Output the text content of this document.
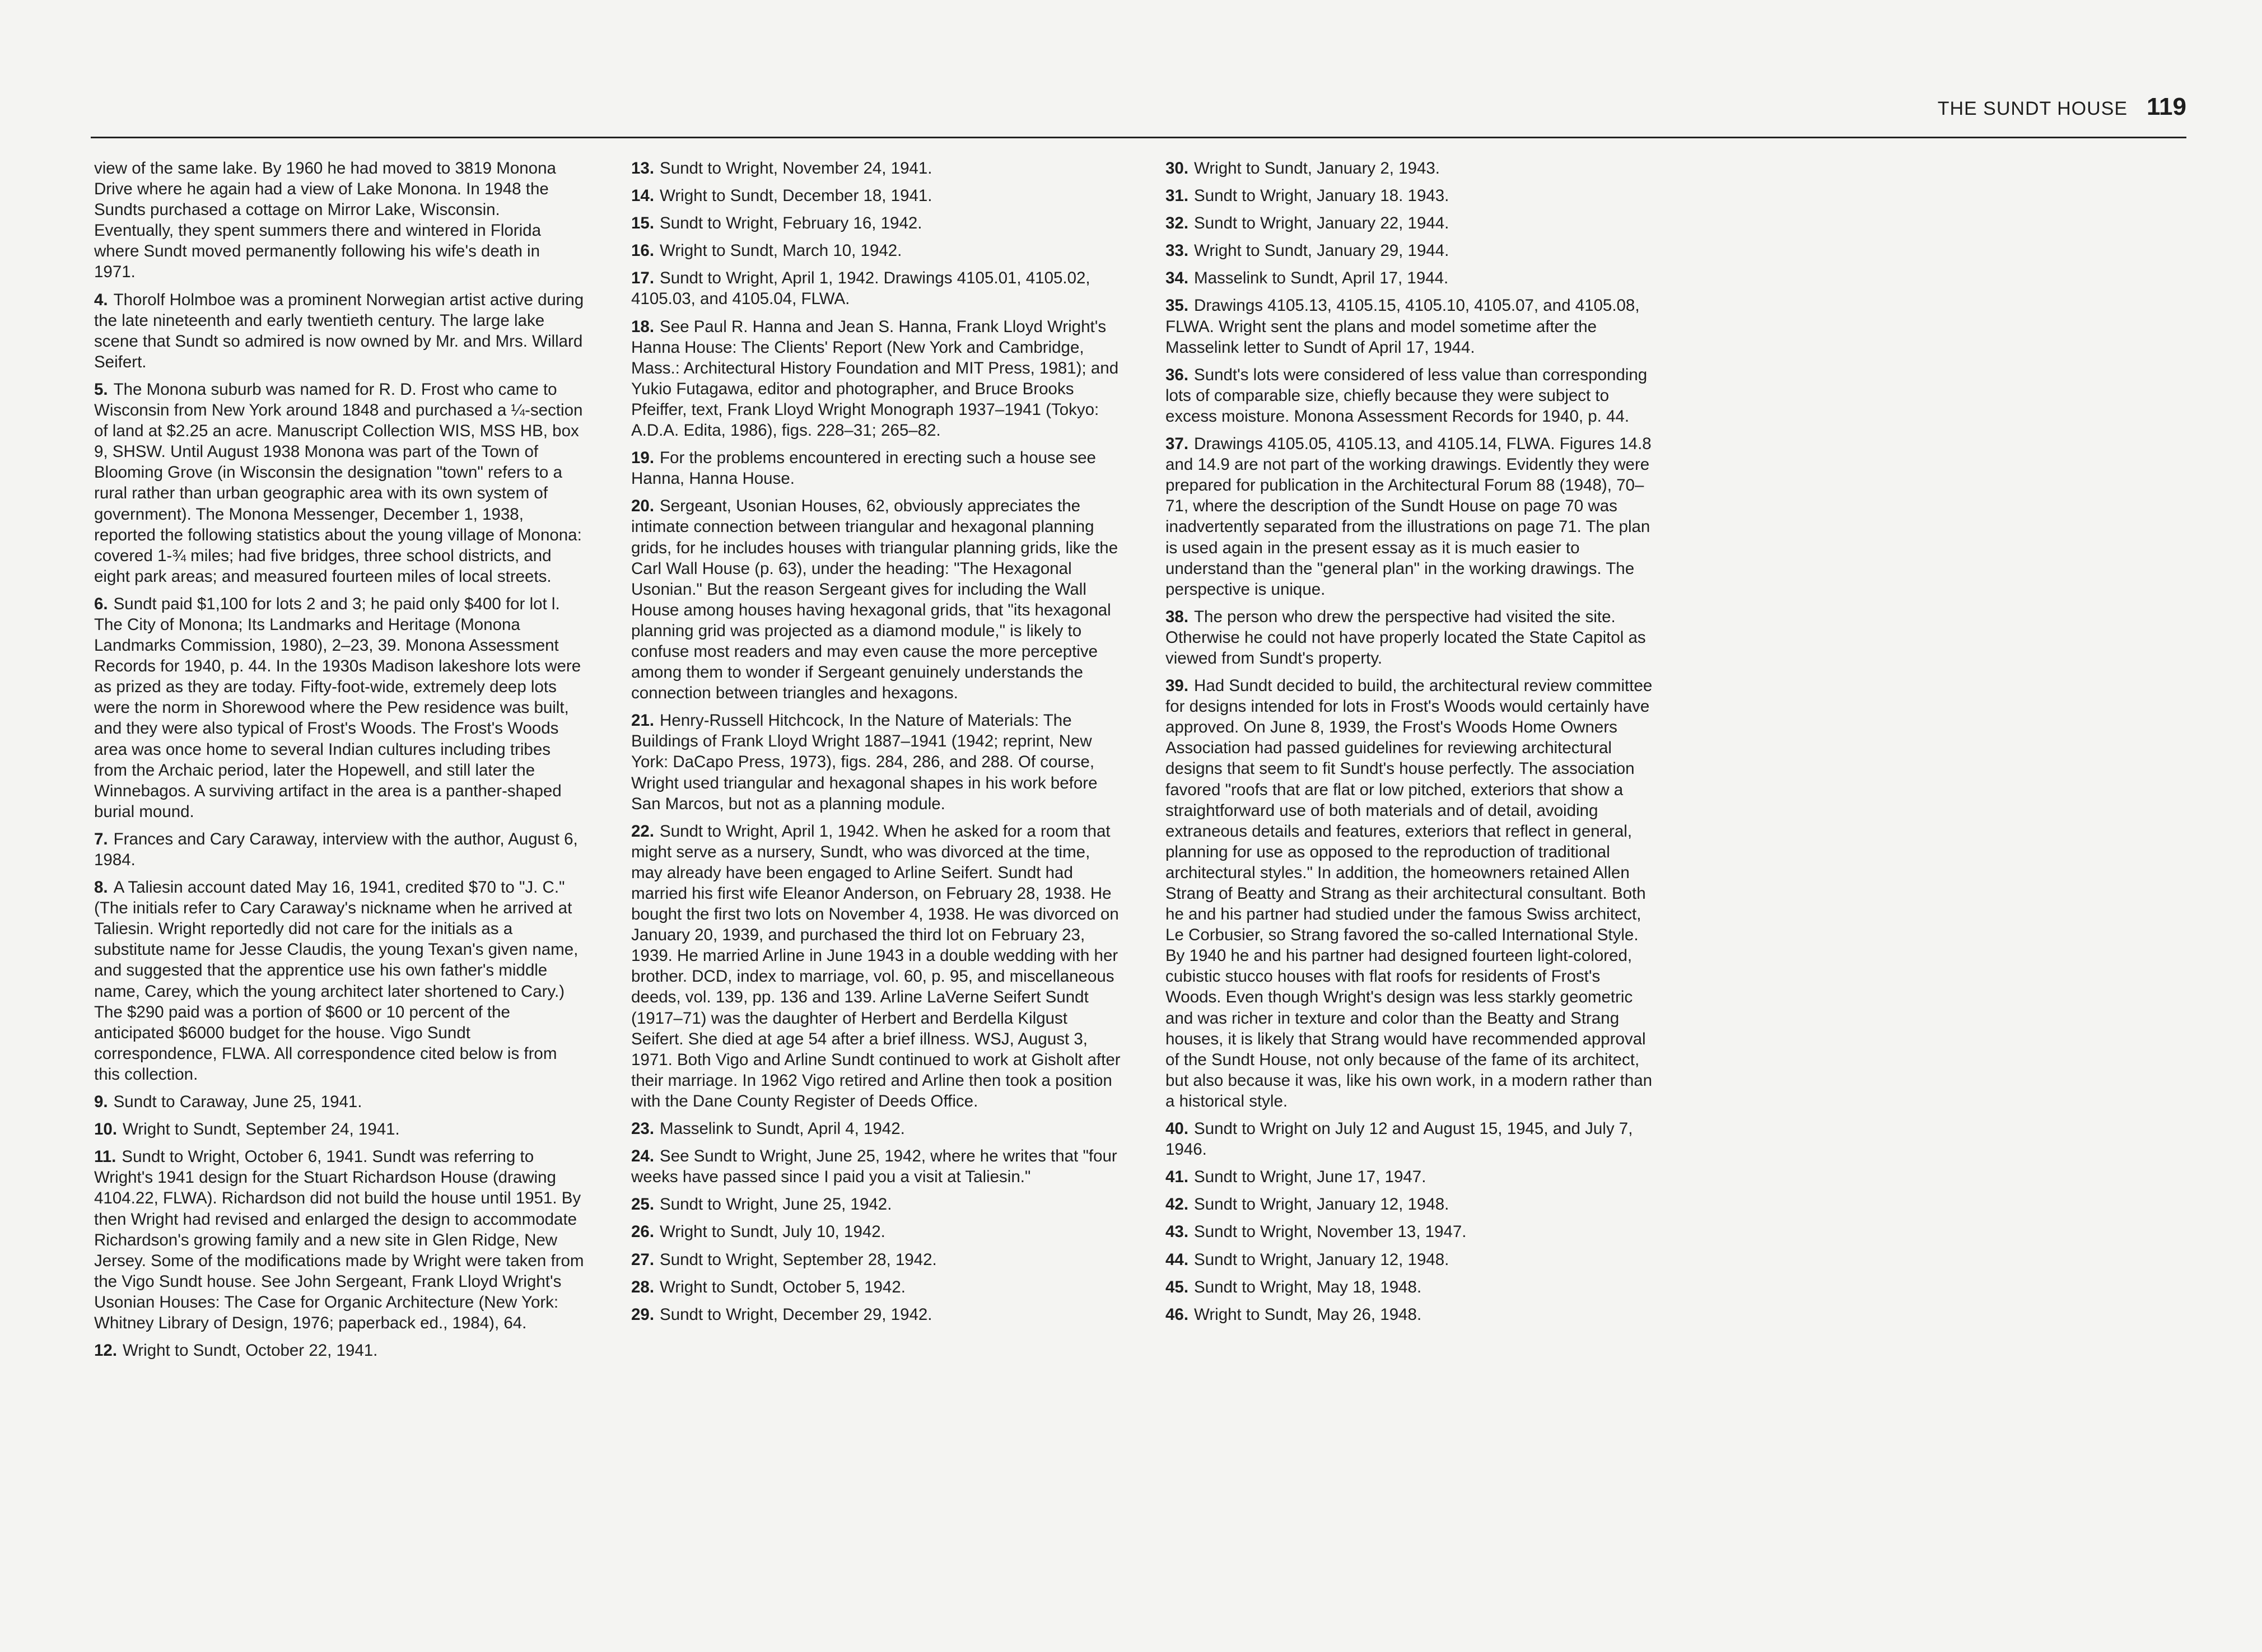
THE SUNDT HOUSE 119

view of the same lake. By 1960 he had moved to 3819 Monona Drive where he again had a view of Lake Monona. In 1948 the Sundts purchased a cottage on Mirror Lake, Wisconsin. Eventually, they spent summers there and wintered in Florida where Sundt moved permanently following his wife's death in 1971.

4. Thorolf Holmboe was a prominent Norwegian artist active during the late nineteenth and early twentieth century. The large lake scene that Sundt so admired is now owned by Mr. and Mrs. Willard Seifert.

5. The Monona suburb was named for R. D. Frost who came to Wisconsin from New York around 1848 and purchased a ¼-section of land at $2.25 an acre. Manuscript Collection WIS, MSS HB, box 9, SHSW. Until August 1938 Monona was part of the Town of Blooming Grove (in Wisconsin the designation "town" refers to a rural rather than urban geographic area with its own system of government). The Monona Messenger, December 1, 1938, reported the following statistics about the young village of Monona: covered 1-¾ miles; had five bridges, three school districts, and eight park areas; and measured fourteen miles of local streets.

6. Sundt paid $1,100 for lots 2 and 3; he paid only $400 for lot l. The City of Monona; Its Landmarks and Heritage (Monona Landmarks Commission, 1980), 2–23, 39. Monona Assessment Records for 1940, p. 44. In the 1930s Madison lakeshore lots were as prized as they are today. Fifty-foot-wide, extremely deep lots were the norm in Shorewood where the Pew residence was built, and they were also typical of Frost's Woods. The Frost's Woods area was once home to several Indian cultures including tribes from the Archaic period, later the Hopewell, and still later the Winnebagos. A surviving artifact in the area is a panther-shaped burial mound.

7. Frances and Cary Caraway, interview with the author, August 6, 1984.

8. A Taliesin account dated May 16, 1941, credited $70 to "J. C." (The initials refer to Cary Caraway's nickname when he arrived at Taliesin. Wright reportedly did not care for the initials as a substitute name for Jesse Claudis, the young Texan's given name, and suggested that the apprentice use his own father's middle name, Carey, which the young architect later shortened to Cary.) The $290 paid was a portion of $600 or 10 percent of the anticipated $6000 budget for the house. Vigo Sundt correspondence, FLWA. All correspondence cited below is from this collection.

9. Sundt to Caraway, June 25, 1941.

10. Wright to Sundt, September 24, 1941.

11. Sundt to Wright, October 6, 1941. Sundt was referring to Wright's 1941 design for the Stuart Richardson House (drawing 4104.22, FLWA). Richardson did not build the house until 1951. By then Wright had revised and enlarged the design to accommodate Richardson's growing family and a new site in Glen Ridge, New Jersey. Some of the modifications made by Wright were taken from the Vigo Sundt house. See John Sergeant, Frank Lloyd Wright's Usonian Houses: The Case for Organic Architecture (New York: Whitney Library of Design, 1976; paperback ed., 1984), 64.

12. Wright to Sundt, October 22, 1941.

13. Sundt to Wright, November 24, 1941.

14. Wright to Sundt, December 18, 1941.

15. Sundt to Wright, February 16, 1942.

16. Wright to Sundt, March 10, 1942.

17. Sundt to Wright, April 1, 1942. Drawings 4105.01, 4105.02, 4105.03, and 4105.04, FLWA.

18. See Paul R. Hanna and Jean S. Hanna, Frank Lloyd Wright's Hanna House: The Clients' Report (New York and Cambridge, Mass.: Architectural History Foundation and MIT Press, 1981); and Yukio Futagawa, editor and photographer, and Bruce Brooks Pfeiffer, text, Frank Lloyd Wright Monograph 1937–1941 (Tokyo: A.D.A. Edita, 1986), figs. 228–31; 265–82.

19. For the problems encountered in erecting such a house see Hanna, Hanna House.

20. Sergeant, Usonian Houses, 62, obviously appreciates the intimate connection between triangular and hexagonal planning grids, for he includes houses with triangular planning grids, like the Carl Wall House (p. 63), under the heading: "The Hexagonal Usonian." But the reason Sergeant gives for including the Wall House among houses having hexagonal grids, that "its hexagonal planning grid was projected as a diamond module," is likely to confuse most readers and may even cause the more perceptive among them to wonder if Sergeant genuinely understands the connection between triangles and hexagons.

21. Henry-Russell Hitchcock, In the Nature of Materials: The Buildings of Frank Lloyd Wright 1887–1941 (1942; reprint, New York: DaCapo Press, 1973), figs. 284, 286, and 288. Of course, Wright used triangular and hexagonal shapes in his work before San Marcos, but not as a planning module.

22. Sundt to Wright, April 1, 1942. When he asked for a room that might serve as a nursery, Sundt, who was divorced at the time, may already have been engaged to Arline Seifert. Sundt had married his first wife Eleanor Anderson, on February 28, 1938. He bought the first two lots on November 4, 1938. He was divorced on January 20, 1939, and purchased the third lot on February 23, 1939. He married Arline in June 1943 in a double wedding with her brother. DCD, index to marriage, vol. 60, p. 95, and miscellaneous deeds, vol. 139, pp. 136 and 139. Arline LaVerne Seifert Sundt (1917–71) was the daughter of Herbert and Berdella Kilgust Seifert. She died at age 54 after a brief illness. WSJ, August 3, 1971. Both Vigo and Arline Sundt continued to work at Gisholt after their marriage. In 1962 Vigo retired and Arline then took a position with the Dane County Register of Deeds Office.

23. Masselink to Sundt, April 4, 1942.

24. See Sundt to Wright, June 25, 1942, where he writes that "four weeks have passed since I paid you a visit at Taliesin."

25. Sundt to Wright, June 25, 1942.

26. Wright to Sundt, July 10, 1942.

27. Sundt to Wright, September 28, 1942.

28. Wright to Sundt, October 5, 1942.

29. Sundt to Wright, December 29, 1942.

30. Wright to Sundt, January 2, 1943.

31. Sundt to Wright, January 18. 1943.

32. Sundt to Wright, January 22, 1944.

33. Wright to Sundt, January 29, 1944.

34. Masselink to Sundt, April 17, 1944.

35. Drawings 4105.13, 4105.15, 4105.10, 4105.07, and 4105.08, FLWA. Wright sent the plans and model sometime after the Masselink letter to Sundt of April 17, 1944.

36. Sundt's lots were considered of less value than corresponding lots of comparable size, chiefly because they were subject to excess moisture. Monona Assessment Records for 1940, p. 44.

37. Drawings 4105.05, 4105.13, and 4105.14, FLWA. Figures 14.8 and 14.9 are not part of the working drawings. Evidently they were prepared for publication in the Architectural Forum 88 (1948), 70–71, where the description of the Sundt House on page 70 was inadvertently separated from the illustrations on page 71. The plan is used again in the present essay as it is much easier to understand than the "general plan" in the working drawings. The perspective is unique.

38. The person who drew the perspective had visited the site. Otherwise he could not have properly located the State Capitol as viewed from Sundt's property.

39. Had Sundt decided to build, the architectural review committee for designs intended for lots in Frost's Woods would certainly have approved. On June 8, 1939, the Frost's Woods Home Owners Association had passed guidelines for reviewing architectural designs that seem to fit Sundt's house perfectly. The association favored "roofs that are flat or low pitched, exteriors that show a straightforward use of both materials and of detail, avoiding extraneous details and features, exteriors that reflect in general, planning for use as opposed to the reproduction of traditional architectural styles." In addition, the homeowners retained Allen Strang of Beatty and Strang as their architectural consultant. Both he and his partner had studied under the famous Swiss architect, Le Corbusier, so Strang favored the so-called International Style. By 1940 he and his partner had designed fourteen light-colored, cubistic stucco houses with flat roofs for residents of Frost's Woods. Even though Wright's design was less starkly geometric and was richer in texture and color than the Beatty and Strang houses, it is likely that Strang would have recommended approval of the Sundt House, not only because of the fame of its architect, but also because it was, like his own work, in a modern rather than a historical style.

40. Sundt to Wright on July 12 and August 15, 1945, and July 7, 1946.

41. Sundt to Wright, June 17, 1947.

42. Sundt to Wright, January 12, 1948.

43. Sundt to Wright, November 13, 1947.

44. Sundt to Wright, January 12, 1948.

45. Sundt to Wright, May 18, 1948.

46. Wright to Sundt, May 26, 1948.
